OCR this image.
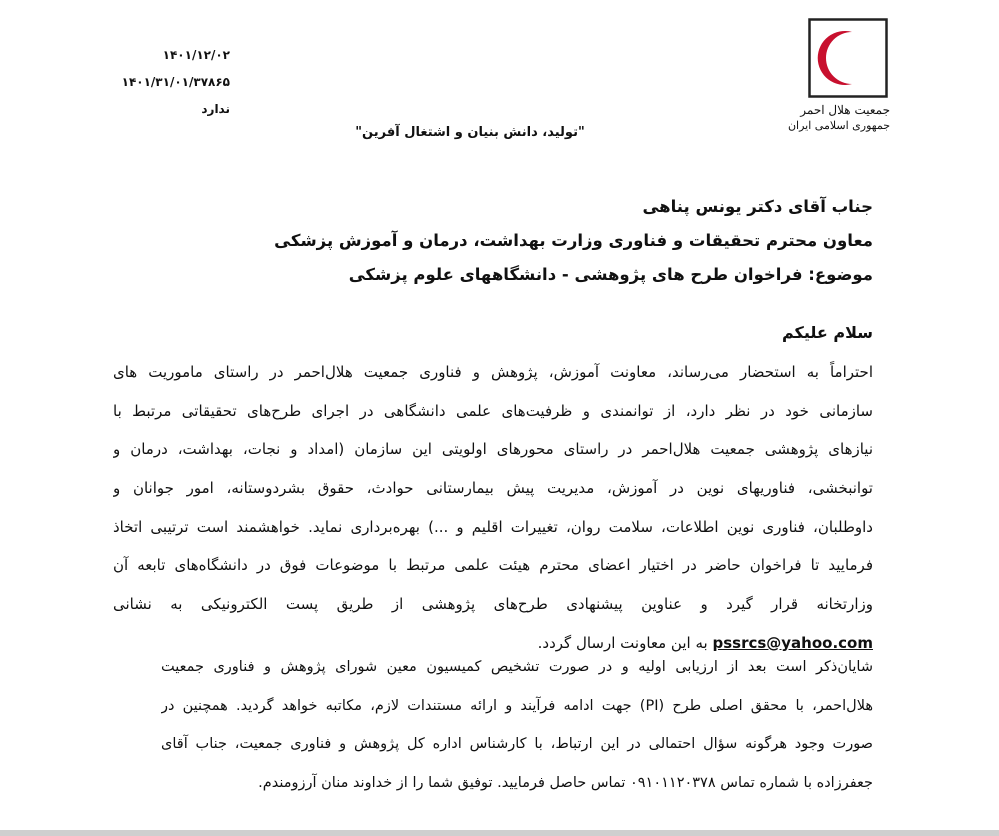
۱۴۰۱/۱۲/۰۲
۱۴۰۱/۳۱/۰۱/۳۷۸۶۵
ندارد	جمعیت هلال احمر
جمهوری اسلامی ایران
"تولید، دانش بنیان و اشتغال آفرین"
جناب آقای دکتر یونس پناهی
معاون محترم تحقیقات و فناوری وزارت بهداشت، درمان و آموزش پزشکی
موضوع: فراخوان طرح های پژوهشی - دانشگاههای علوم پزشکی
سلام علیکم
احتراماً به استحضار می‌رساند، معاونت آموزش، پژوهش و فناوری جمعیت هلال‌احمر در راستای ماموریت های
سازمانی خود در نظر دارد، از توانمندی و ظرفیت‌های علمی دانشگاهی در اجرای طرح‌های تحقیقاتی مرتبط با
نیازهای پژوهشی جمعیت هلال‌احمر در راستای محورهای اولویتی این سازمان (امداد و نجات، بهداشت، درمان و
توانبخشی، فناوریهای نوین در آموزش، مدیریت پیش بیمارستانی حوادث، حقوق بشردوستانه، امور جوانان و
داوطلبان، فناوری نوین اطلاعات، سلامت روان، تغییرات اقلیم و ...) بهره‌برداری نماید. خواهشمند است ترتیبی اتخاذ
فرمایید تا فراخوان حاضر در اختیار اعضای محترم هیئت علمی مرتبط با موضوعات فوق در دانشگاه‌های تابعه آن
وزارتخانه قرار گیرد و عناوین پیشنهادی طرح‌های پژوهشی از طریق پست الکترونیکی به نشانی
pssrcs@yahoo.com به این معاونت ارسال گردد.
شایان‌ذکر است بعد از ارزیابی اولیه و در صورت تشخیص کمیسیون معین شورای پژوهش و فناوری جمعیت
هلال‌احمر، با محقق اصلی طرح (PI) جهت ادامه فرآیند و ارائه مستندات لازم، مکاتبه خواهد گردید. همچنین در
صورت وجود هرگونه سؤال احتمالی در این ارتباط، با کارشناس اداره کل پژوهش و فناوری جمعیت، جناب آقای
جعفرزاده با شماره تماس ۰۹۱۰۱۱۲۰۳۷۸ تماس حاصل فرمایید. توفیق شما را از خداوند منان آرزومندم.
